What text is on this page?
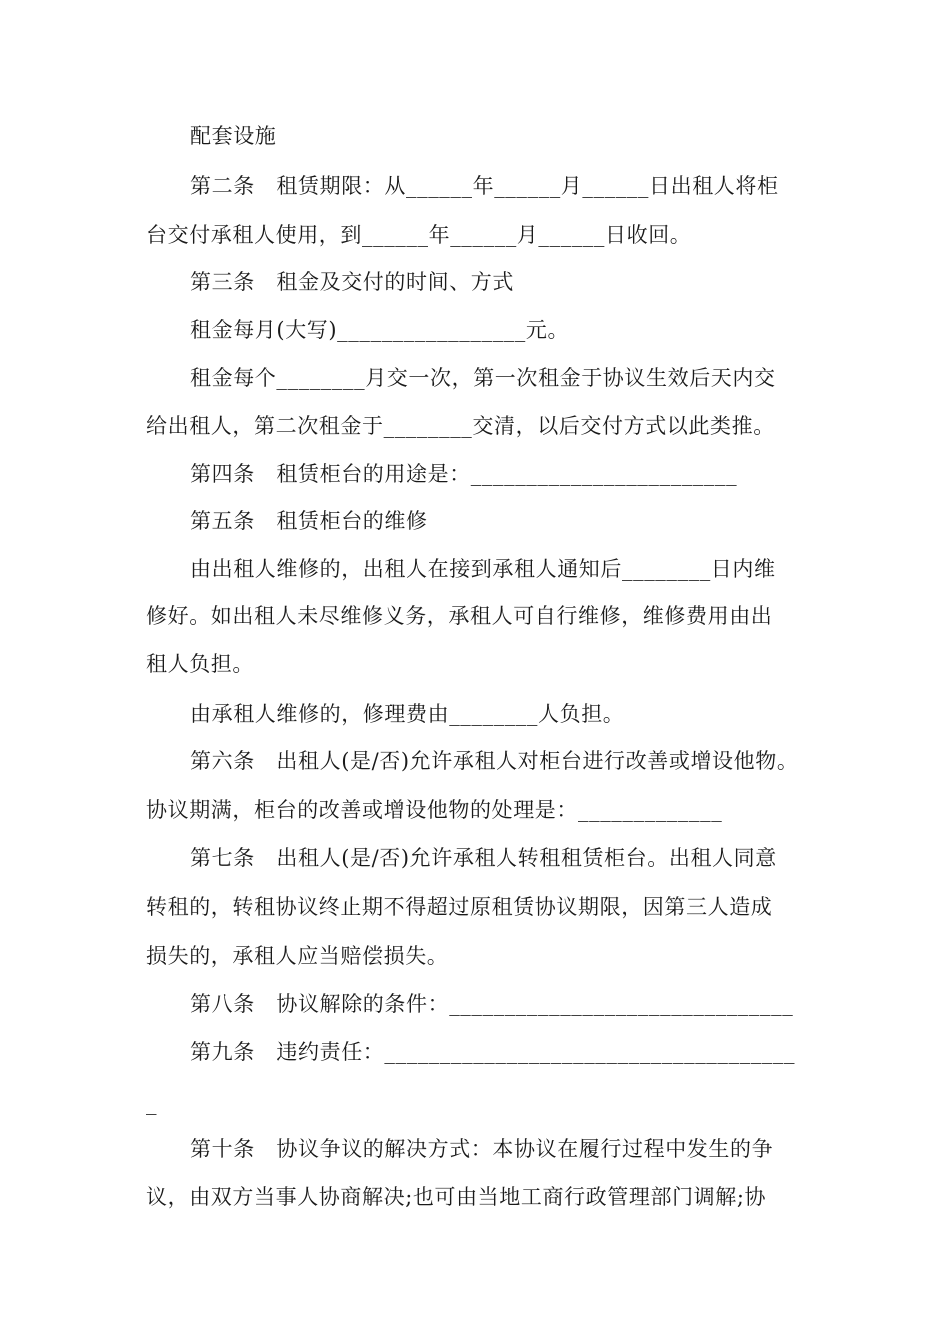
配套设施
第二条　租赁期限：从______年______月______日出租人将柜
台交付承租人使用，到______年______月______日收回。
第三条　租金及交付的时间、方式
租金每月(大写)_________________元。
租金每个________月交一次，第一次租金于协议生效后天内交
给出租人，第二次租金于________交清，以后交付方式以此类推。
第四条　租赁柜台的用途是：________________________
第五条　租赁柜台的维修
由出租人维修的，出租人在接到承租人通知后________日内维
修好。如出租人未尽维修义务，承租人可自行维修，维修费用由出
租人负担。
由承租人维修的，修理费由________人负担。
第六条　出租人(是/否)允许承租人对柜台进行改善或增设他物。
协议期满，柜台的改善或增设他物的处理是：_____________
第七条　出租人(是/否)允许承租人转租租赁柜台。出租人同意
转租的，转租协议终止期不得超过原租赁协议期限，因第三人造成
损失的，承租人应当赔偿损失。
第八条　协议解除的条件：_______________________________
第九条　违约责任：_____________________________________
_
第十条　协议争议的解决方式：本协议在履行过程中发生的争
议，由双方当事人协商解决;也可由当地工商行政管理部门调解;协
